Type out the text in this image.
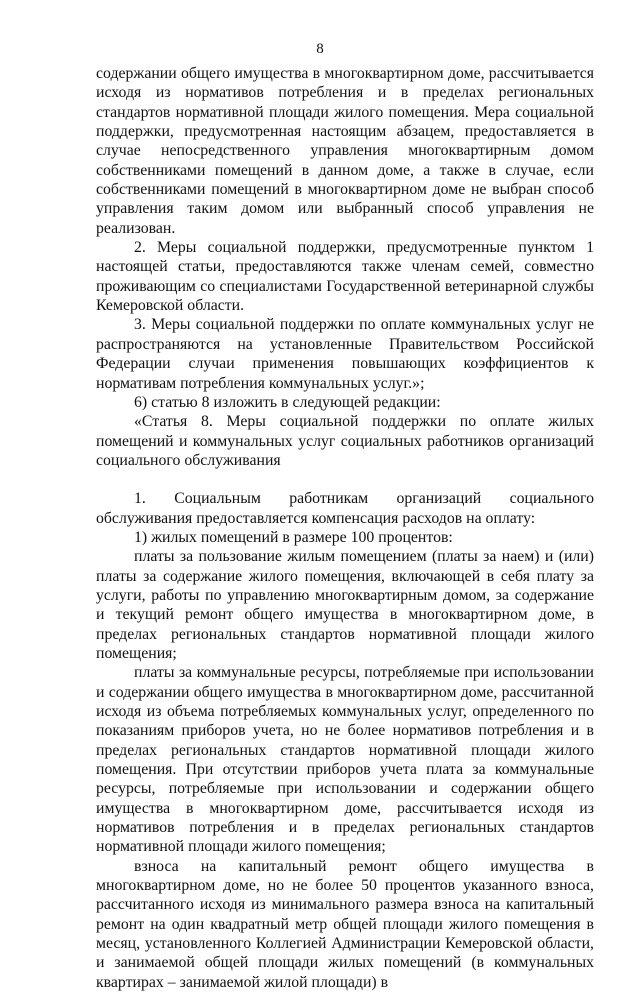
8

содержании общего имущества в многоквартирном доме, рассчитывается исходя из нормативов потребления и в пределах региональных стандартов нормативной площади жилого помещения. Мера социальной поддержки, предусмотренная настоящим абзацем, предоставляется в случае непосредственного управления многоквартирным домом собственниками помещений в данном доме, а также в случае, если собственниками помещений в многоквартирном доме не выбран способ управления таким домом или выбранный способ управления не реализован.

2. Меры социальной поддержки, предусмотренные пунктом 1 настоящей статьи, предоставляются также членам семей, совместно проживающим со специалистами Государственной ветеринарной службы Кемеровской области.

3. Меры социальной поддержки по оплате коммунальных услуг не распространяются на установленные Правительством Российской Федерации случаи применения повышающих коэффициентов к нормативам потребления коммунальных услуг.»;

6) статью 8 изложить в следующей редакции:

«Статья 8. Меры социальной поддержки по оплате жилых помещений и коммунальных услуг социальных работников организаций социального обслуживания

1. Социальным работникам организаций социального обслуживания предоставляется компенсация расходов на оплату:

1) жилых помещений в размере 100 процентов:

платы за пользование жилым помещением (платы за наем) и (или) платы за содержание жилого помещения, включающей в себя плату за услуги, работы по управлению многоквартирным домом, за содержание и текущий ремонт общего имущества в многоквартирном доме, в пределах региональных стандартов нормативной площади жилого помещения;

платы за коммунальные ресурсы, потребляемые при использовании и содержании общего имущества в многоквартирном доме, рассчитанной исходя из объема потребляемых коммунальных услуг, определенного по показаниям приборов учета, но не более нормативов потребления и в пределах региональных стандартов нормативной площади жилого помещения. При отсутствии приборов учета плата за коммунальные ресурсы, потребляемые при использовании и содержании общего имущества в многоквартирном доме, рассчитывается исходя из нормативов потребления и в пределах региональных стандартов нормативной площади жилого помещения;

взноса на капитальный ремонт общего имущества в многоквартирном доме, но не более 50 процентов указанного взноса, рассчитанного исходя из минимального размера взноса на капитальный ремонт на один квадратный метр общей площади жилого помещения в месяц, установленного Коллегией Администрации Кемеровской области, и занимаемой общей площади жилых помещений (в коммунальных квартирах – занимаемой жилой площади) в
